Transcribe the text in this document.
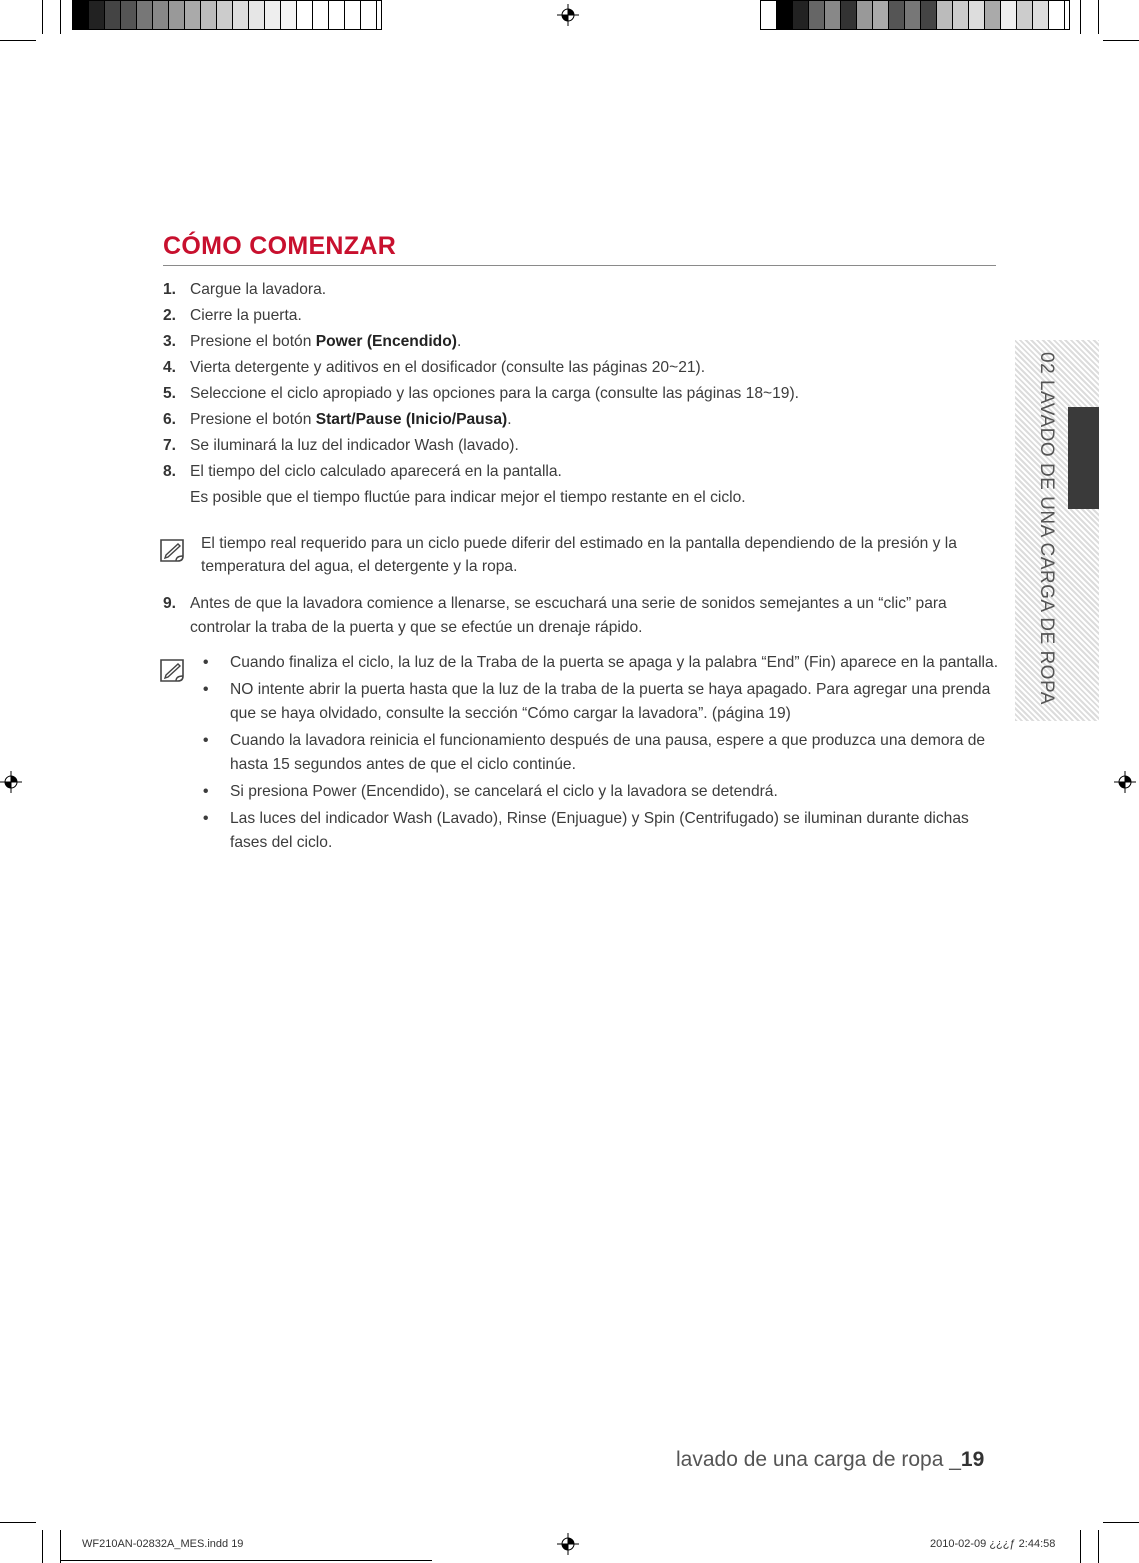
CÓMO COMENZAR
1. Cargue la lavadora.
2. Cierre la puerta.
3. Presione el botón Power (Encendido).
4. Vierta detergente y aditivos en el dosificador (consulte las páginas 20~21).
5. Seleccione el ciclo apropiado y las opciones para la carga (consulte las páginas 18~19).
6. Presione el botón Start/Pause (Inicio/Pausa).
7. Se iluminará la luz del indicador Wash (lavado).
8. El tiempo del ciclo calculado aparecerá en la pantalla.
Es posible que el tiempo fluctúe para indicar mejor el tiempo restante en el ciclo.
El tiempo real requerido para un ciclo puede diferir del estimado en la pantalla dependiendo de la presión y la temperatura del agua, el detergente y la ropa.
9. Antes de que la lavadora comience a llenarse, se escuchará una serie de sonidos semejantes a un “clic” para controlar la traba de la puerta y que se efectúe un drenaje rápido.
• Cuando finaliza el ciclo, la luz de la Traba de la puerta se apaga y la palabra “End” (Fin) aparece en la pantalla.
• NO intente abrir la puerta hasta que la luz de la traba de la puerta se haya apagado. Para agregar una prenda que se haya olvidado, consulte la sección “Cómo cargar la lavadora”. (página 19)
• Cuando la lavadora reinicia el funcionamiento después de una pausa, espere a que produzca una demora de hasta 15 segundos antes de que el ciclo continúe.
• Si presiona Power (Encendido), se cancelará el ciclo y la lavadora se detendrá.
• Las luces del indicador Wash (Lavado), Rinse (Enjuague) y Spin (Centrifugado) se iluminan durante dichas fases del ciclo.
02 LAVADO DE UNA CARGA DE ROPA
lavado de una carga de ropa _19
WF210AN-02832A_MES.indd 19	2010-02-09 ¿¿¿ƒ 2:44:58
